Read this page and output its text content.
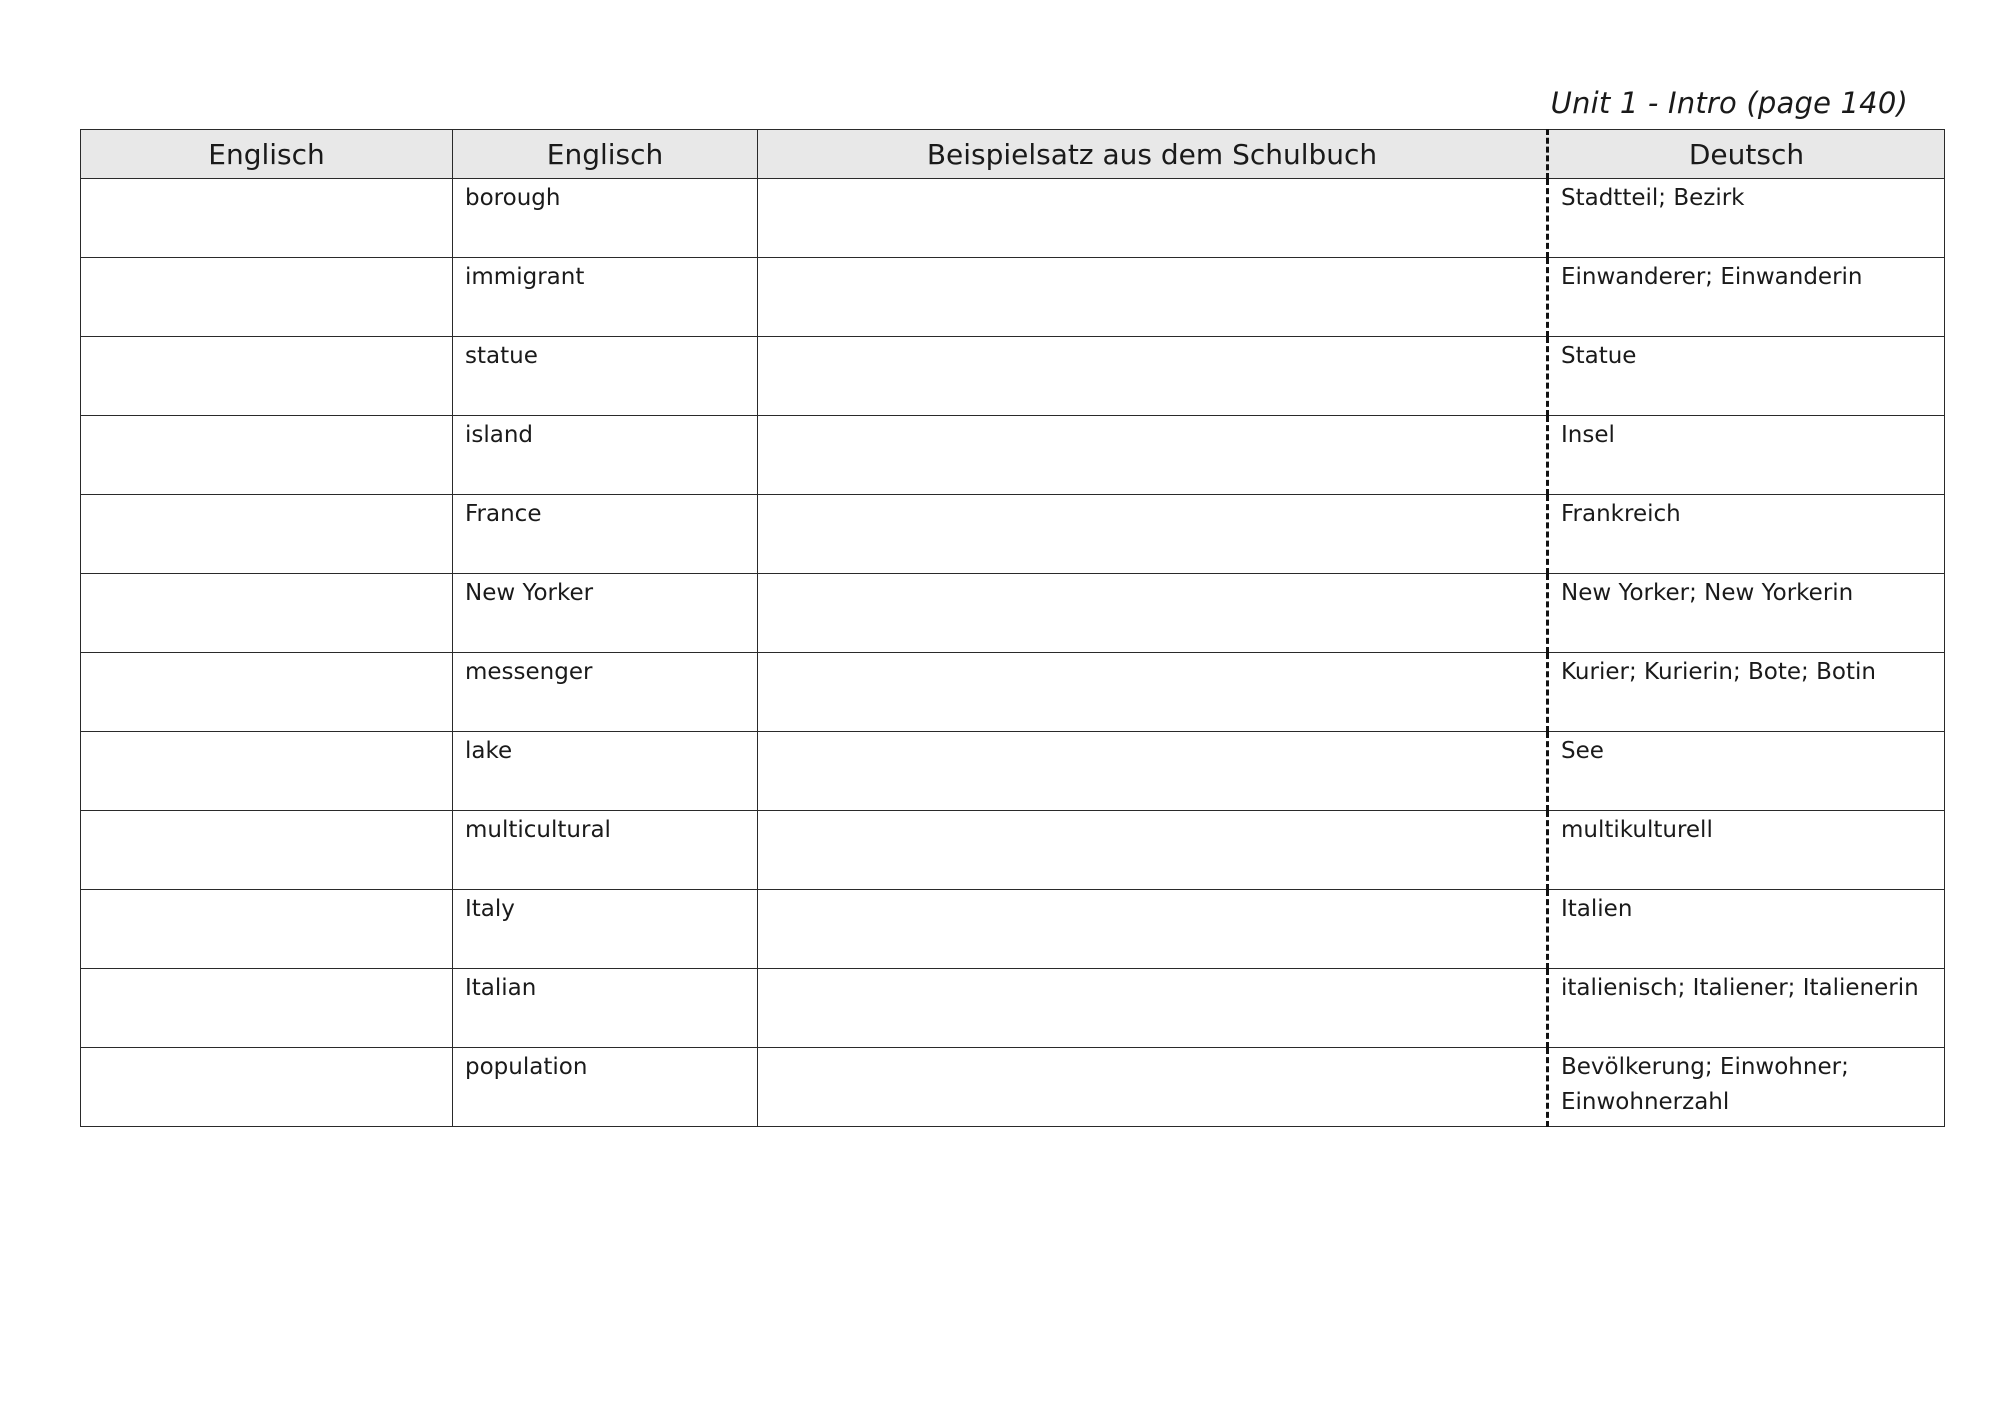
Unit 1 - Intro (page 140)
Englisch	Englisch	Beispielsatz aus dem Schulbuch	Deutsch

	borough		Stadtteil; Bezirk

	immigrant		Einwanderer; Einwanderin

	statue		Statue

	island		Insel

	France		Frankreich

	New Yorker		New Yorker; New Yorkerin

	messenger		Kurier; Kurierin; Bote; Botin

	lake		See

	multicultural		multikulturell

	Italy		Italien

	Italian		italienisch; Italiener; Italienerin

	population		Bevölkerung; Einwohner; Einwohnerzahl
